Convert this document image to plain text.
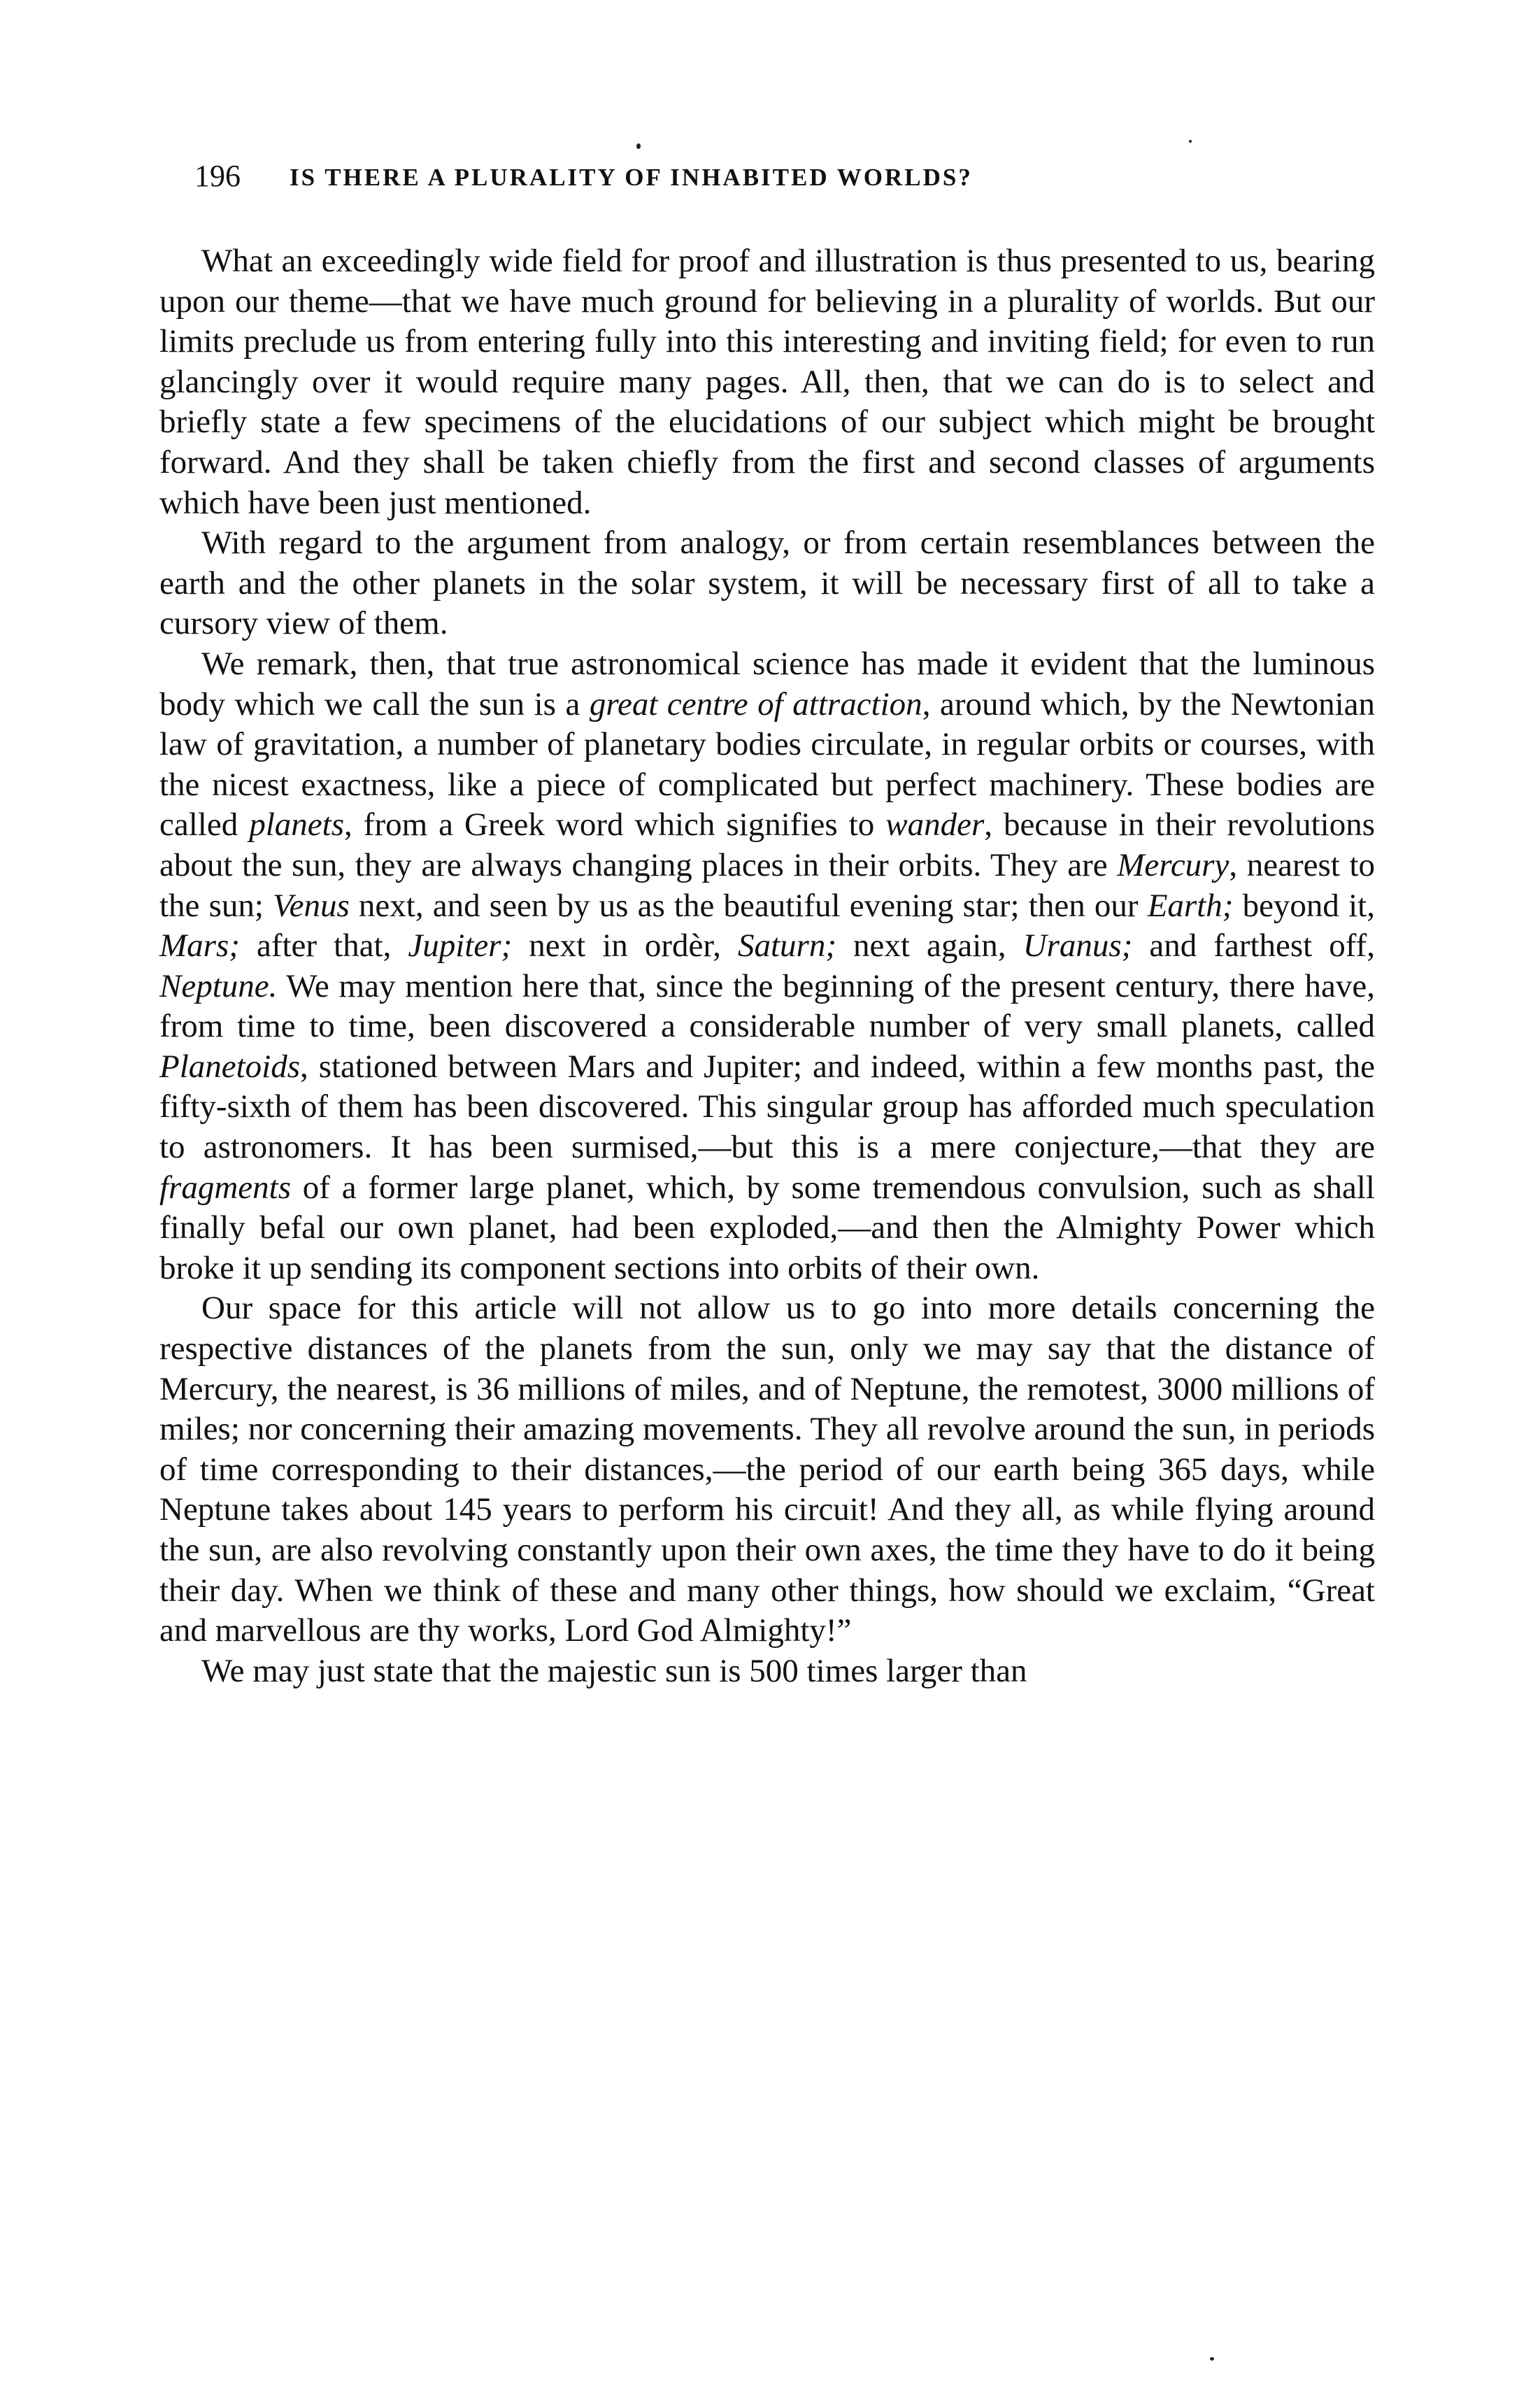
196 IS THERE A PLURALITY OF INHABITED WORLDS?

What an exceedingly wide field for proof and illustration is thus presented to us, bearing upon our theme—that we have much ground for believing in a plurality of worlds. But our limits preclude us from entering fully into this interesting and inviting field; for even to run glancingly over it would require many pages. All, then, that we can do is to select and briefly state a few specimens of the elucidations of our subject which might be brought forward. And they shall be taken chiefly from the first and second classes of arguments which have been just mentioned.

With regard to the argument from analogy, or from certain resemblances between the earth and the other planets in the solar system, it will be necessary first of all to take a cursory view of them.

We remark, then, that true astronomical science has made it evident that the luminous body which we call the sun is a great centre of attraction, around which, by the Newtonian law of gravitation, a number of planetary bodies circulate, in regular orbits or courses, with the nicest exactness, like a piece of complicated but perfect machinery. These bodies are called planets, from a Greek word which signifies to wander, because in their revolutions about the sun, they are always changing places in their orbits. They are Mercury, nearest to the sun; Venus next, and seen by us as the beautiful evening star; then our Earth; beyond it, Mars; after that, Jupiter; next in ordèr, Saturn; next again, Uranus; and farthest off, Neptune. We may mention here that, since the beginning of the present century, there have, from time to time, been discovered a considerable number of very small planets, called Planetoids, stationed between Mars and Jupiter; and indeed, within a few months past, the fifty-sixth of them has been discovered. This singular group has afforded much speculation to astronomers. It has been surmised,—but this is a mere conjecture,—that they are fragments of a former large planet, which, by some tremendous convulsion, such as shall finally befal our own planet, had been exploded,—and then the Almighty Power which broke it up sending its component sections into orbits of their own.

Our space for this article will not allow us to go into more details concerning the respective distances of the planets from the sun, only we may say that the distance of Mercury, the nearest, is 36 millions of miles, and of Neptune, the remotest, 3000 millions of miles; nor concerning their amazing movements. They all revolve around the sun, in periods of time corresponding to their distances,—the period of our earth being 365 days, while Neptune takes about 145 years to perform his circuit! And they all, as while flying around the sun, are also revolving constantly upon their own axes, the time they have to do it being their day. When we think of these and many other things, how should we exclaim, “Great and marvellous are thy works, Lord God Almighty!”

We may just state that the majestic sun is 500 times larger than
